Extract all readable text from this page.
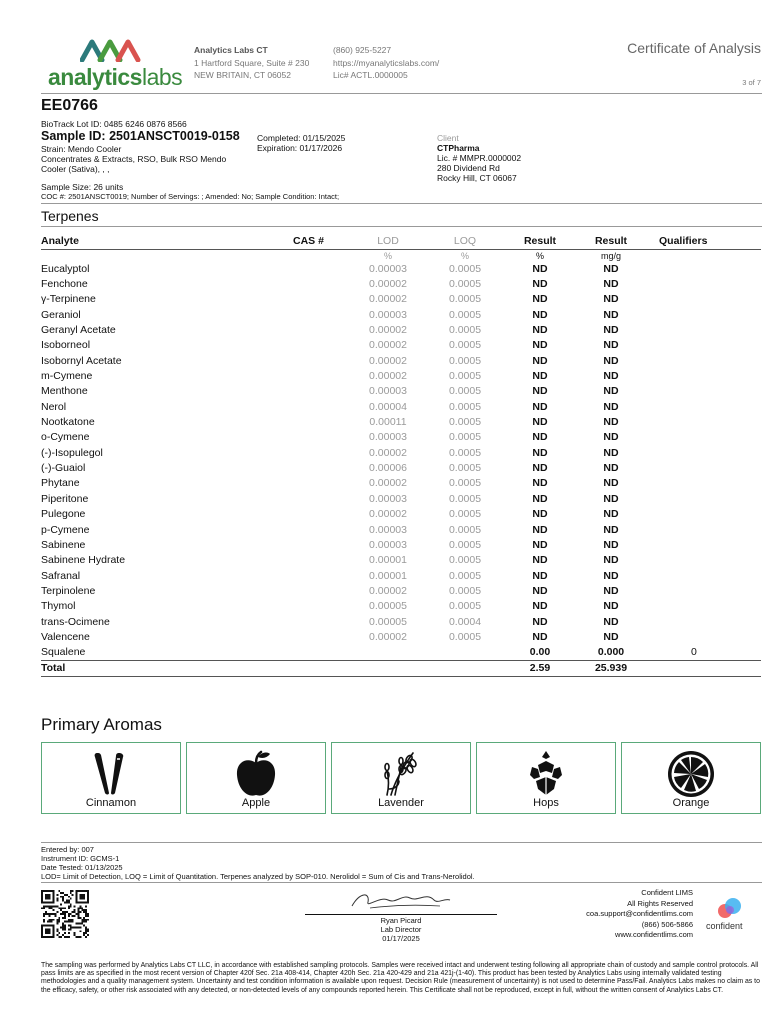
analyticslabs
Analytics Labs CT
1 Hartford Square, Suite # 230
NEW BRITAIN, CT 06052
(860) 925-5227
https://myanalyticslabs.com/
Lic# ACTL.0000005
Certificate of Analysis
3 of 7
EE0766
BioTrack Lot ID: 0485 6246 0876 8566
Sample ID: 2501ANSCT0019-0158
Strain: Mendo Cooler
Concentrates & Extracts, RSO, Bulk RSO Mendo
Cooler (Sativa), , ,
Completed: 01/15/2025
Expiration: 01/17/2026
Client
CTPharma
Lic. # MMPR.0000002
280 Dividend Rd
Rocky Hill, CT 06067
Sample Size: 26 units
COC #: 2501ANSCT0019; Number of Servings: ; Amended: No; Sample Condition: Intact;
Terpenes
Analyte	CAS #	LOD	LOQ	Result	Result	Qualifiers
		%	%	%	mg/g	
Eucalyptol		0.00003	0.0005	ND	ND	
Fenchone		0.00002	0.0005	ND	ND	
γ-Terpinene		0.00002	0.0005	ND	ND	
Geraniol		0.00003	0.0005	ND	ND	
Geranyl Acetate		0.00002	0.0005	ND	ND	
Isoborneol		0.00002	0.0005	ND	ND	
Isobornyl Acetate		0.00002	0.0005	ND	ND	
m-Cymene		0.00002	0.0005	ND	ND	
Menthone		0.00003	0.0005	ND	ND	
Nerol		0.00004	0.0005	ND	ND	
Nootkatone		0.00011	0.0005	ND	ND	
o-Cymene		0.00003	0.0005	ND	ND	
(-)-Isopulegol		0.00002	0.0005	ND	ND	
(-)-Guaiol		0.00006	0.0005	ND	ND	
Phytane		0.00002	0.0005	ND	ND	
Piperitone		0.00003	0.0005	ND	ND	
Pulegone		0.00002	0.0005	ND	ND	
p-Cymene		0.00003	0.0005	ND	ND	
Sabinene		0.00003	0.0005	ND	ND	
Sabinene Hydrate		0.00001	0.0005	ND	ND	
Safranal		0.00001	0.0005	ND	ND	
Terpinolene		0.00002	0.0005	ND	ND	
Thymol		0.00005	0.0005	ND	ND	
trans-Ocimene		0.00005	0.0004	ND	ND	
Valencene		0.00002	0.0005	ND	ND	
Squalene				0.00	0.000	0
Total				2.59	25.939	
Primary Aromas
Cinnamon	Apple	Lavender	Hops	Orange
Entered by: 007
Instrument ID: GCMS-1
Date Tested: 01/13/2025
LOD= Limit of Detection, LOQ = Limit of Quantitation. Terpenes analyzed by SOP-010. Nerolidol = Sum of Cis and Trans-Nerolidol.
Ryan Picard
Lab Director
01/17/2025
Confident LIMS
All Rights Reserved
coa.support@confidentlims.com
(866) 506-5866
www.confidentlims.com
confident
The sampling was performed by Analytics Labs CT LLC, in accordance with established sampling protocols. Samples were received intact and underwent testing following all appropriate chain of custody and sample control protocols. All pass limits are as specified in the most recent version of Chapter 420f Sec. 21a 408-414, Chapter 420h Sec. 21a 420-429 and 21a 421j-(1-40). This product has been tested by Analytics Labs using internally validated testing methodologies and a quality management system. Uncertainty and test condition information is available upon request. Decision Rule (measurement of uncertainty) is not used to determine Pass/Fail. Analytics Labs makes no claim as to the efficacy, safety, or other risk associated with any detected, or non-detected levels of any compounds reported herein. This Certificate shall not be reproduced, except in full, without the written consent of Analytics Labs CT.
